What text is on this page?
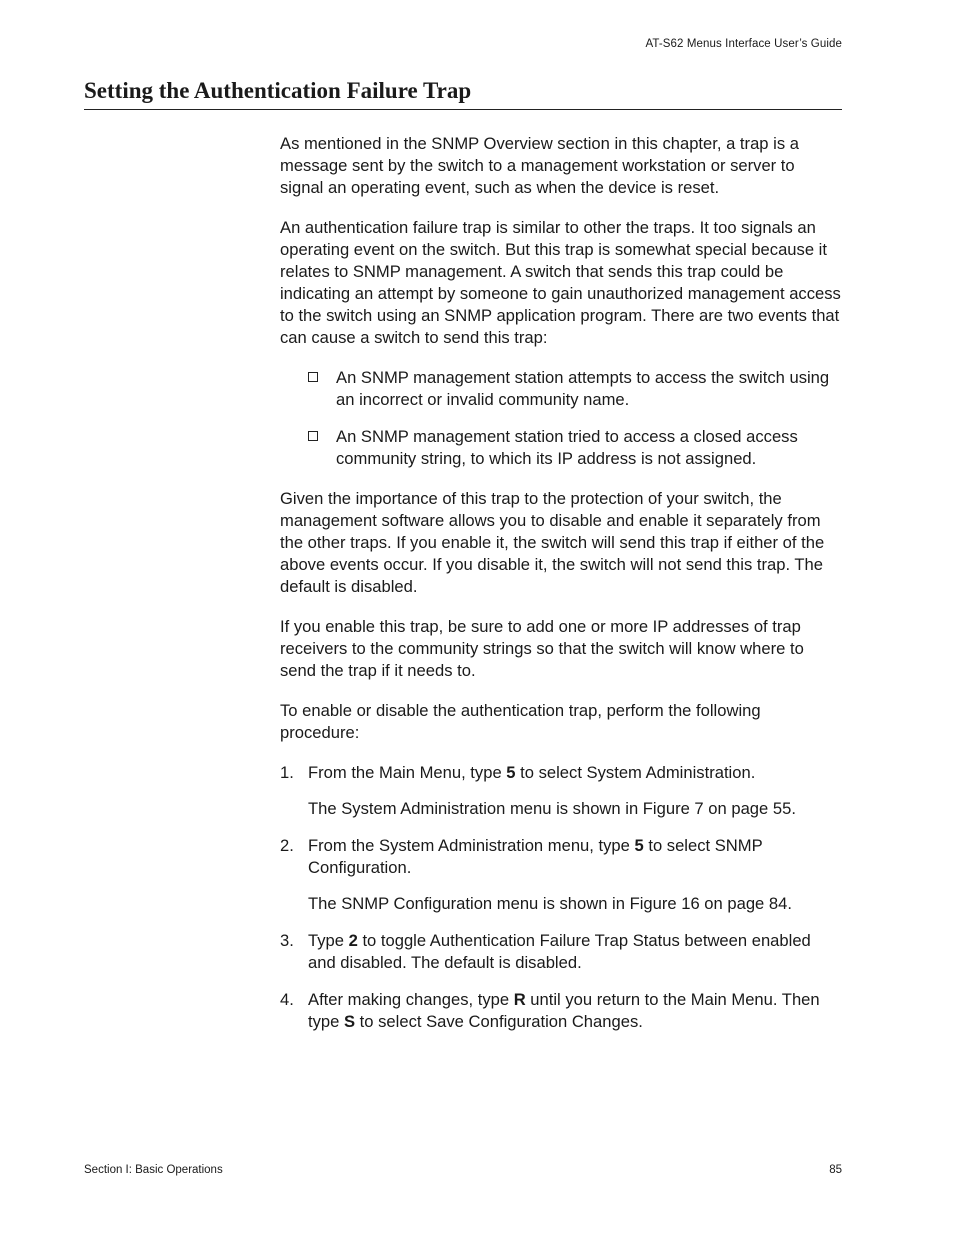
AT-S62 Menus Interface User’s Guide
Setting the Authentication Failure Trap

As mentioned in the SNMP Overview section in this chapter, a trap is a message sent by the switch to a management workstation or server to signal an operating event, such as when the device is reset.

An authentication failure trap is similar to other the traps. It too signals an operating event on the switch. But this trap is somewhat special because it relates to SNMP management. A switch that sends this trap could be indicating an attempt by someone to gain unauthorized management access to the switch using an SNMP application program. There are two events that can cause a switch to send this trap:

An SNMP management station attempts to access the switch using an incorrect or invalid community name.
An SNMP management station tried to access a closed access community string, to which its IP address is not assigned.

Given the importance of this trap to the protection of your switch, the management software allows you to disable and enable it separately from the other traps. If you enable it, the switch will send this trap if either of the above events occur. If you disable it, the switch will not send this trap. The default is disabled.

If you enable this trap, be sure to add one or more IP addresses of trap receivers to the community strings so that the switch will know where to send the trap if it needs to.

To enable or disable the authentication trap, perform the following procedure:

1. From the Main Menu, type 5 to select System Administration.
The System Administration menu is shown in Figure 7 on page 55.
2. From the System Administration menu, type 5 to select SNMP Configuration.
The SNMP Configuration menu is shown in Figure 16 on page 84.
3. Type 2 to toggle Authentication Failure Trap Status between enabled and disabled. The default is disabled.
4. After making changes, type R until you return to the Main Menu. Then type S to select Save Configuration Changes.
Section I: Basic Operations	85
